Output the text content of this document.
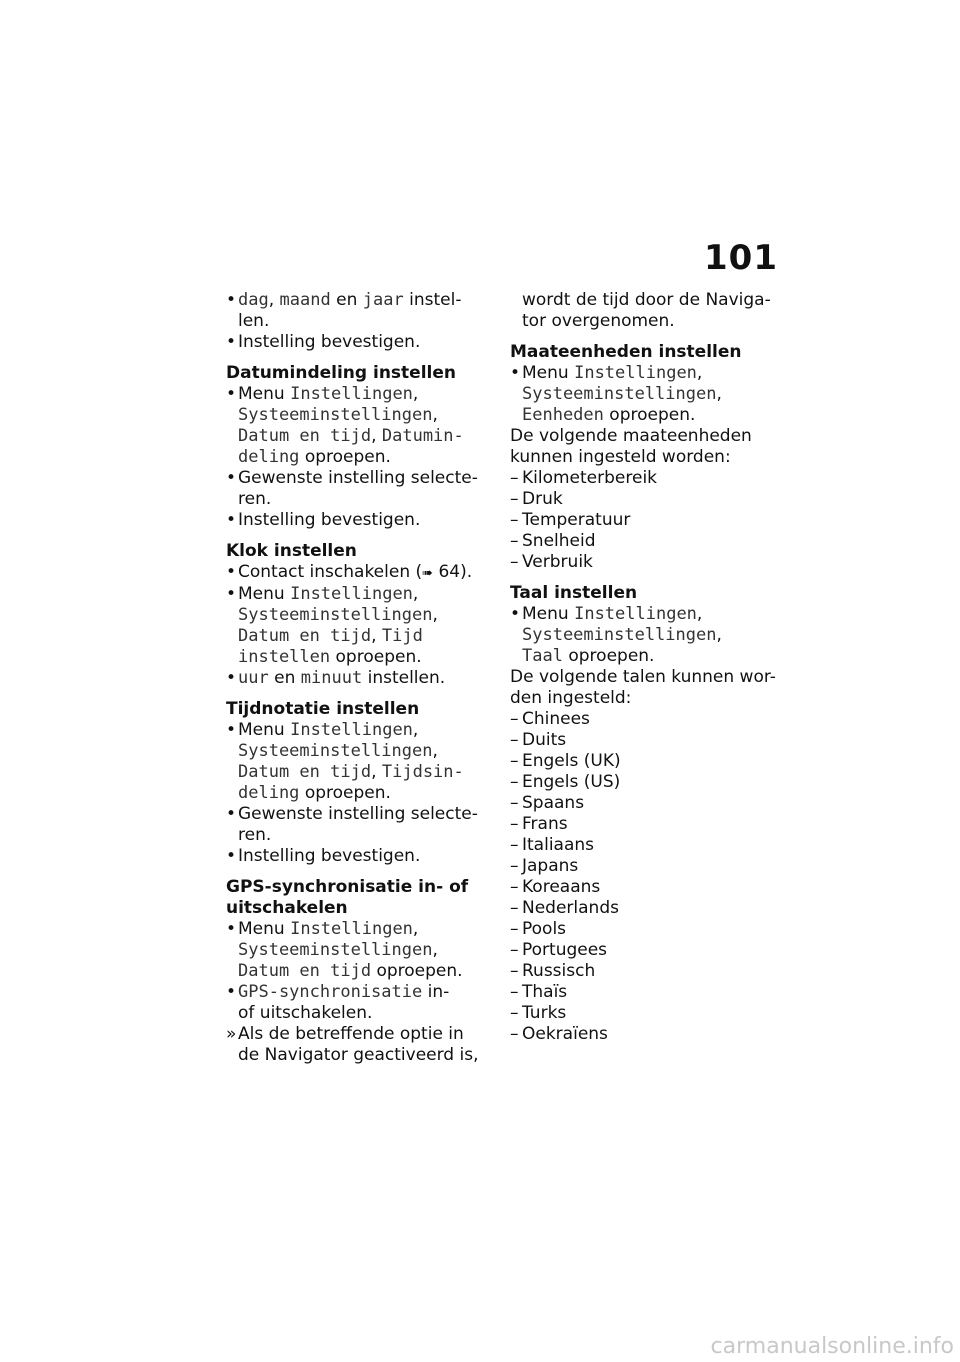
101
• dag, maand en jaar instel-
len.
• Instelling bevestigen.
Datumindeling instellen
• Menu Instellingen,
Systeeminstellingen,
Datum en tijd, Datumin-
deling oproepen.
• Gewenste instelling selecte-
ren.
• Instelling bevestigen.
Klok instellen
• Contact inschakelen (➠ 64).
• Menu Instellingen,
Systeeminstellingen,
Datum en tijd, Tijd
instellen oproepen.
• uur en minuut instellen.
Tijdnotatie instellen
• Menu Instellingen,
Systeeminstellingen,
Datum en tijd, Tijdsin-
deling oproepen.
• Gewenste instelling selecte-
ren.
• Instelling bevestigen.
GPS-synchronisatie in- of
uitschakelen
• Menu Instellingen,
Systeeminstellingen,
Datum en tijd oproepen.
• GPS-synchronisatie in-
of uitschakelen.
» Als de betreffende optie in
de Navigator geactiveerd is,
wordt de tijd door de Naviga-
tor overgenomen.
Maateenheden instellen
• Menu Instellingen,
Systeeminstellingen,
Eenheden oproepen.
De volgende maateenheden
kunnen ingesteld worden:
– Kilometerbereik
– Druk
– Temperatuur
– Snelheid
– Verbruik
Taal instellen
• Menu Instellingen,
Systeeminstellingen,
Taal oproepen.
De volgende talen kunnen wor-
den ingesteld:
– Chinees
– Duits
– Engels (UK)
– Engels (US)
– Spaans
– Frans
– Italiaans
– Japans
– Koreaans
– Nederlands
– Pools
– Portugees
– Russisch
– Thaïs
– Turks
– Oekraïens
carmanualsonline.info
